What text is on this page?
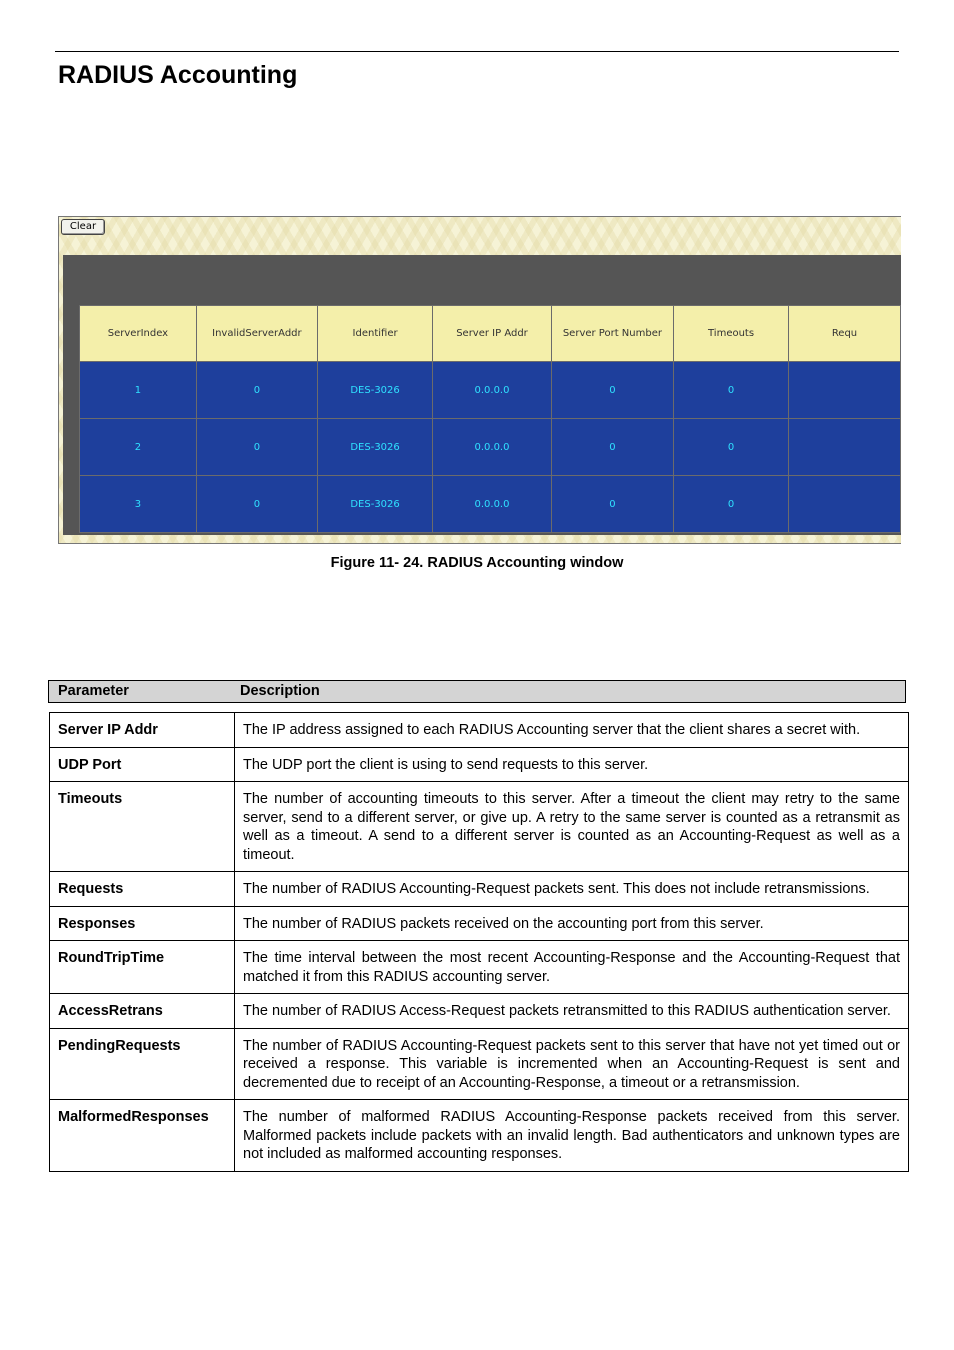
RADIUS Accounting
Clear
ServerIndex	InvalidServerAddr	Identifier	Server IP Addr	Server Port Number	Timeouts	Requ
1	0	DES-3026	0.0.0.0	0	0	
2	0	DES-3026	0.0.0.0	0	0	
3	0	DES-3026	0.0.0.0	0	0	
Figure 11- 24. RADIUS Accounting window
Parameter	Description
Server IP Addr	The IP address assigned to each RADIUS Accounting server that the client shares a secret with.
UDP Port	The UDP port the client is using to send requests to this server.
Timeouts	The number of accounting timeouts to this server. After a timeout the client may retry to the same server, send to a different server, or give up. A retry to the same server is counted as a retransmit as well as a timeout. A send to a different server is counted as an Accounting-Request as well as a timeout.
Requests	The number of RADIUS Accounting-Request packets sent. This does not include retransmissions.
Responses	The number of RADIUS packets received on the accounting port from this server.
RoundTripTime	The time interval between the most recent Accounting-Response and the Accounting-Request that matched it from this RADIUS accounting server.
AccessRetrans	The number of RADIUS Access-Request packets retransmitted to this RADIUS authentication server.
PendingRequests	The number of RADIUS Accounting-Request packets sent to this server that have not yet timed out or received a response. This variable is incremented when an Accounting-Request is sent and decremented due to receipt of an Accounting-Response, a timeout or a retransmission.
MalformedResponses	The number of malformed RADIUS Accounting-Response packets received from this server. Malformed packets include packets with an invalid length. Bad authenticators and unknown types are not included as malformed accounting responses.
